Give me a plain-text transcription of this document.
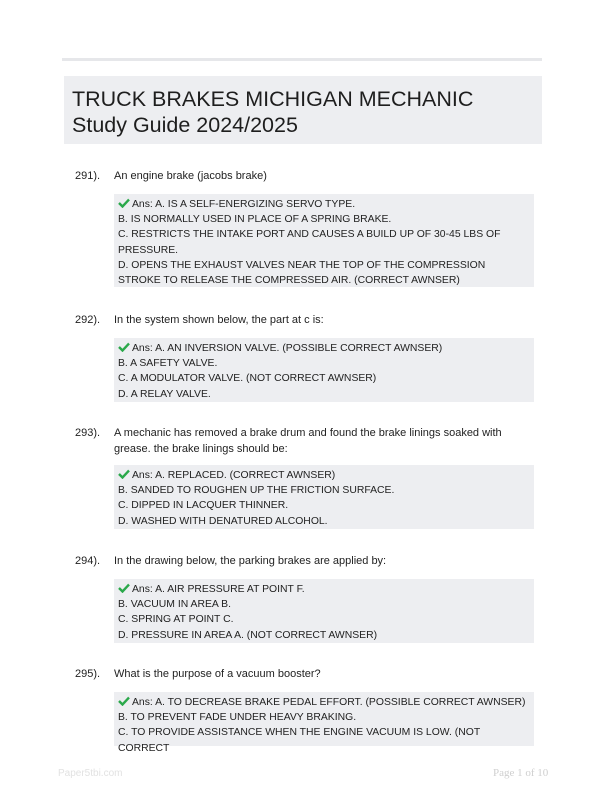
TRUCK BRAKES MICHIGAN MECHANIC Study Guide 2024/2025
291). An engine brake (jacobs brake)
Ans: A. IS A SELF-ENERGIZING SERVO TYPE.
B. IS NORMALLY USED IN PLACE OF A SPRING BRAKE.
C. RESTRICTS THE INTAKE PORT AND CAUSES A BUILD UP OF 30-45 LBS OF PRESSURE.
D. OPENS THE EXHAUST VALVES NEAR THE TOP OF THE COMPRESSION STROKE TO RELEASE THE COMPRESSED AIR. (CORRECT AWNSER)
292). In the system shown below, the part at c is:
Ans: A. AN INVERSION VALVE. (POSSIBLE CORRECT AWNSER)
B. A SAFETY VALVE.
C. A MODULATOR VALVE. (NOT CORRECT AWNSER)
D. A RELAY VALVE.
293). A mechanic has removed a brake drum and found the brake linings soaked with grease. the brake linings should be:
Ans: A. REPLACED. (CORRECT AWNSER)
B. SANDED TO ROUGHEN UP THE FRICTION SURFACE.
C. DIPPED IN LACQUER THINNER.
D. WASHED WITH DENATURED ALCOHOL.
294). In the drawing below, the parking brakes are applied by:
Ans: A. AIR PRESSURE AT POINT F.
B. VACUUM IN AREA B.
C. SPRING AT POINT C.
D. PRESSURE IN AREA A. (NOT CORRECT AWNSER)
295). What is the purpose of a vacuum booster?
Ans: A. TO DECREASE BRAKE PEDAL EFFORT. (POSSIBLE CORRECT AWNSER)
B. TO PREVENT FADE UNDER HEAVY BRAKING.
C. TO PROVIDE ASSISTANCE WHEN THE ENGINE VACUUM IS LOW. (NOT CORRECT
Paper5tbi.com	Page 1 of 10
